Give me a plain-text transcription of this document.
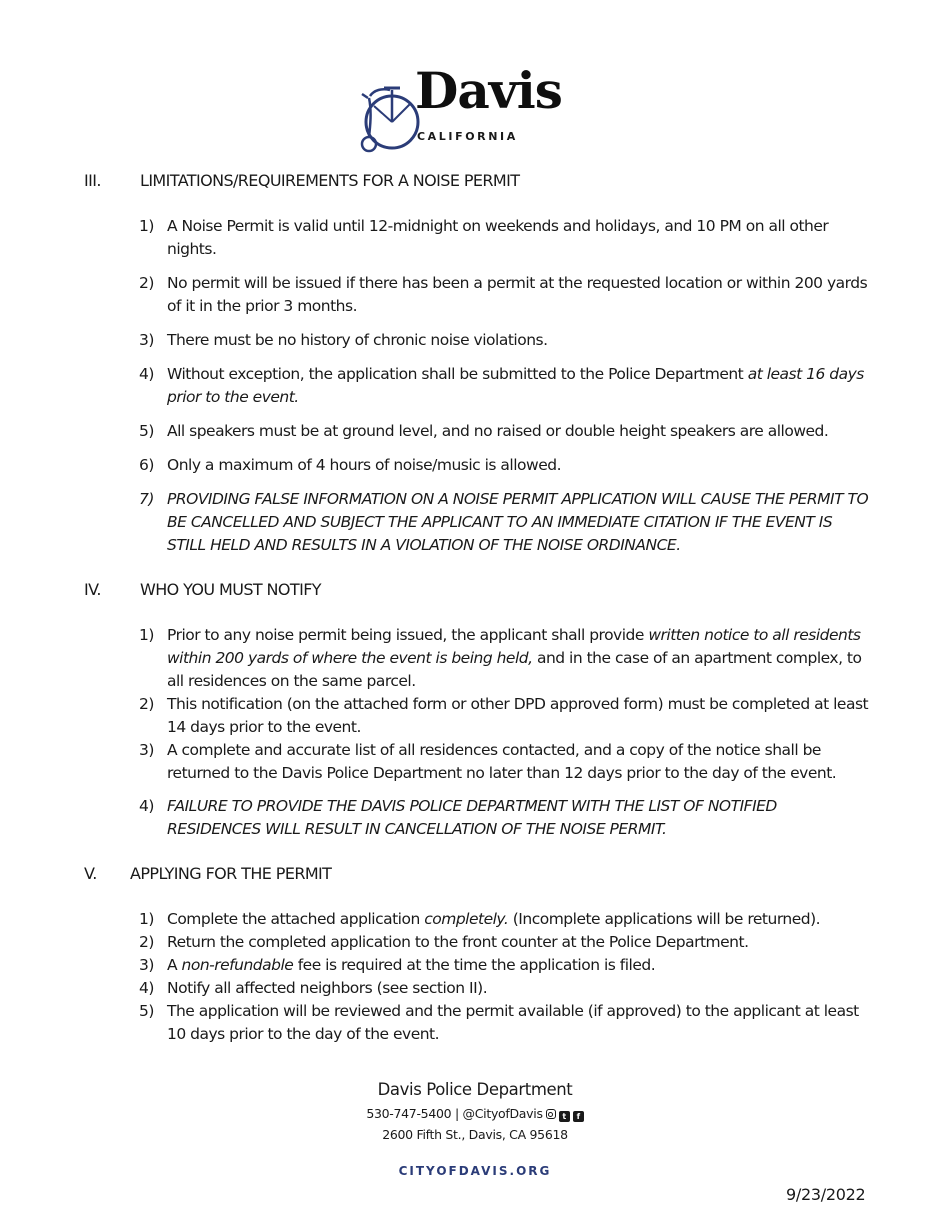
Davis
CALIFORNIA
III. LIMITATIONS/REQUIREMENTS FOR A NOISE PERMIT
1) A Noise Permit is valid until 12-midnight on weekends and holidays, and 10 PM on all other nights.
2) No permit will be issued if there has been a permit at the requested location or within 200 yards of it in the prior 3 months.
3) There must be no history of chronic noise violations.
4) Without exception, the application shall be submitted to the Police Department at least 16 days prior to the event.
5) All speakers must be at ground level, and no raised or double height speakers are allowed.
6) Only a maximum of 4 hours of noise/music is allowed.
7) PROVIDING FALSE INFORMATION ON A NOISE PERMIT APPLICATION WILL CAUSE THE PERMIT TO BE CANCELLED AND SUBJECT THE APPLICANT TO AN IMMEDIATE CITATION IF THE EVENT IS STILL HELD AND RESULTS IN A VIOLATION OF THE NOISE ORDINANCE.
IV. WHO YOU MUST NOTIFY
1) Prior to any noise permit being issued, the applicant shall provide written notice to all residents within 200 yards of where the event is being held, and in the case of an apartment complex, to all residences on the same parcel.
2) This notification (on the attached form or other DPD approved form) must be completed at least 14 days prior to the event.
3) A complete and accurate list of all residences contacted, and a copy of the notice shall be returned to the Davis Police Department no later than 12 days prior to the day of the event.
4) FAILURE TO PROVIDE THE DAVIS POLICE DEPARTMENT WITH THE LIST OF NOTIFIED RESIDENCES WILL RESULT IN CANCELLATION OF THE NOISE PERMIT.
V. APPLYING FOR THE PERMIT
1) Complete the attached application completely. (Incomplete applications will be returned).
2) Return the completed application to the front counter at the Police Department.
3) A non-refundable fee is required at the time the application is filed.
4) Notify all affected neighbors (see section II).
5) The application will be reviewed and the permit available (if approved) to the applicant at least 10 days prior to the day of the event.
Davis Police Department
530-747-5400 | @CityofDavis t f
2600 Fifth St., Davis, CA 95618
CITYOFDAVIS.ORG
9/23/2022
